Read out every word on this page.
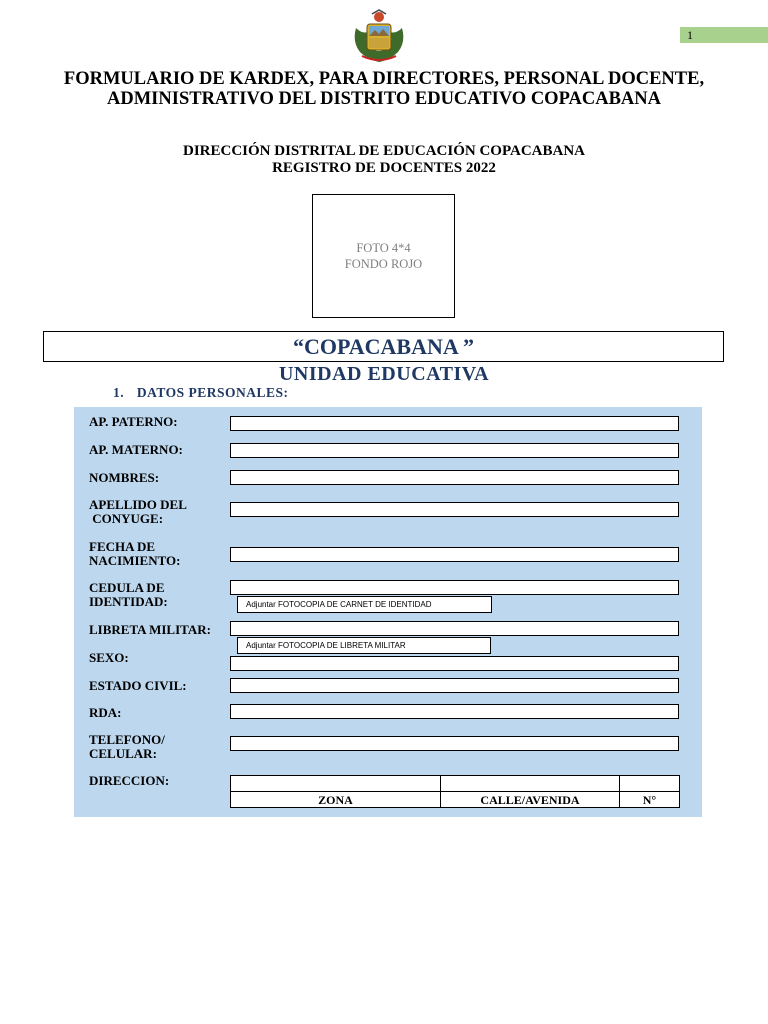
1
FORMULARIO DE KARDEX, PARA DIRECTORES, PERSONAL DOCENTE, ADMINISTRATIVO DEL DISTRITO EDUCATIVO COPACABANA
DIRECCIÓN DISTRITAL DE EDUCACIÓN COPACABANA
REGISTRO DE DOCENTES 2022
FOTO 4*4
FONDO ROJO
“COPACABANA ”
UNIDAD EDUCATIVA
1. DATOS PERSONALES:
AP. PATERNO:
AP. MATERNO:
NOMBRES:
APELLIDO DEL
CONYUGE:
FECHA DE
NACIMIENTO:
CEDULA DE
IDENTIDAD:	Adjuntar FOTOCOPIA DE CARNET DE IDENTIDAD
LIBRETA MILITAR:
Adjuntar FOTOCOPIA DE LIBRETA MILITAR
SEXO:
ESTADO CIVIL:
RDA:
TELEFONO/
CELULAR:
DIRECCION:

ZONA	CALLE/AVENIDA	N°
